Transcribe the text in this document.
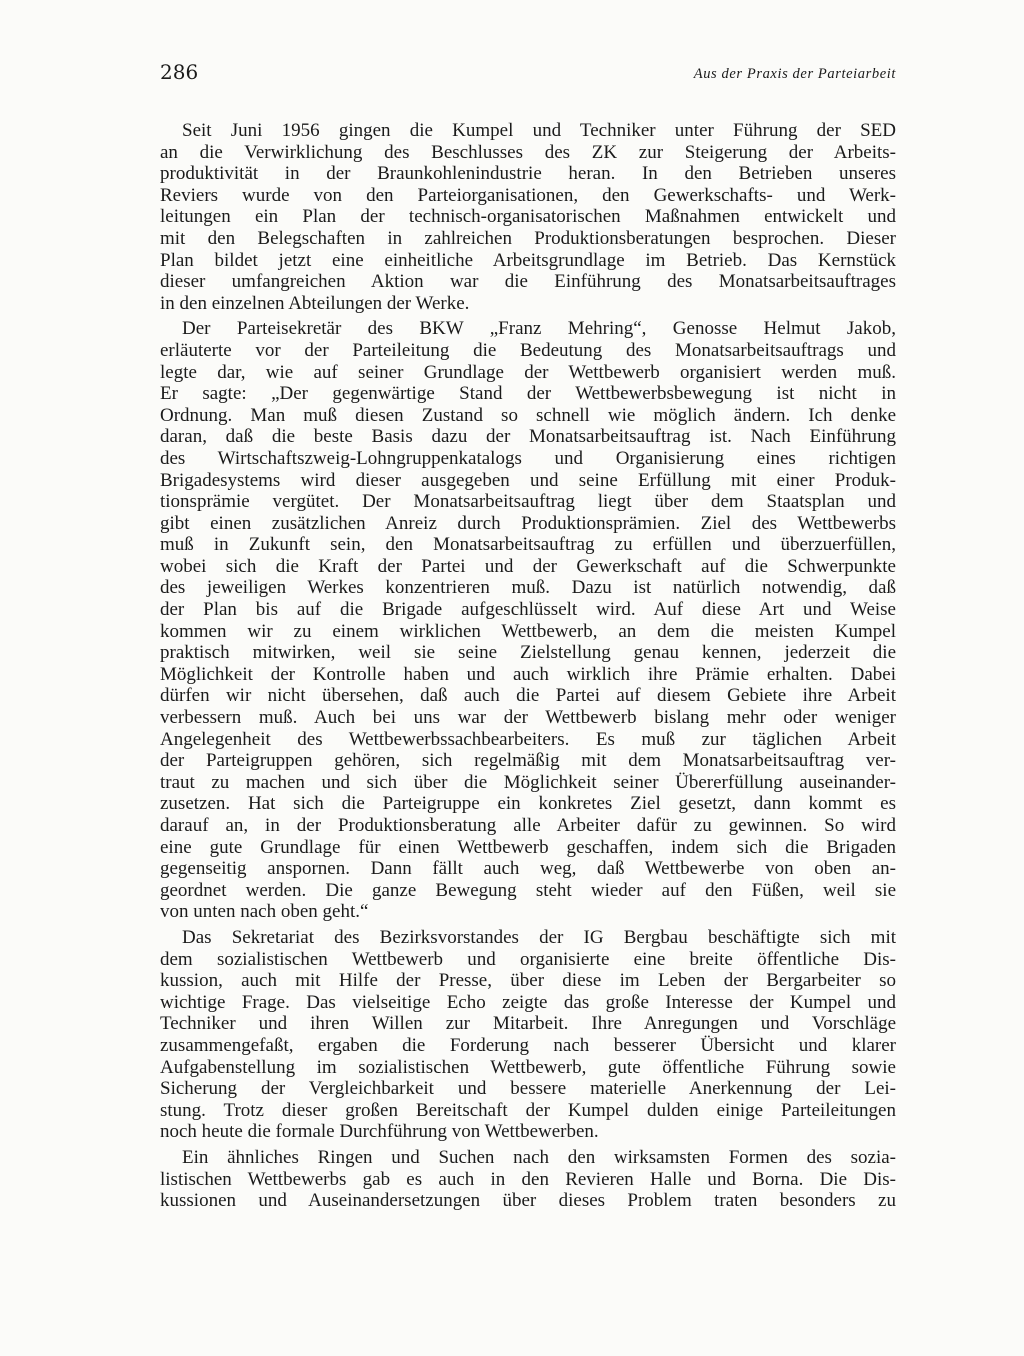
286	Aus der Praxis der Parteiarbeit

Seit Juni 1956 gingen die Kumpel und Techniker unter Führung der SED
an die Verwirklichung des Beschlusses des ZK zur Steigerung der Arbeits-
produktivität in der Braunkohlenindustrie heran. In den Betrieben unseres
Reviers wurde von den Parteiorganisationen, den Gewerkschafts- und Werk-
leitungen ein Plan der technisch-organisatorischen Maßnahmen entwickelt und
mit den Belegschaften in zahlreichen Produktionsberatungen besprochen. Dieser
Plan bildet jetzt eine einheitliche Arbeitsgrundlage im Betrieb. Das Kernstück
dieser umfangreichen Aktion war die Einführung des Monatsarbeitsauftrages
in den einzelnen Abteilungen der Werke.

Der Parteisekretär des BKW „Franz Mehring“, Genosse Helmut Jakob,
erläuterte vor der Parteileitung die Bedeutung des Monatsarbeitsauftrags und
legte dar, wie auf seiner Grundlage der Wettbewerb organisiert werden muß.
Er sagte: „Der gegenwärtige Stand der Wettbewerbsbewegung ist nicht in
Ordnung. Man muß diesen Zustand so schnell wie möglich ändern. Ich denke
daran, daß die beste Basis dazu der Monatsarbeitsauftrag ist. Nach Einführung
des Wirtschaftszweig-Lohngruppenkatalogs und Organisierung eines richtigen
Brigadesystems wird dieser ausgegeben und seine Erfüllung mit einer Produk-
tionsprämie vergütet. Der Monatsarbeitsauftrag liegt über dem Staatsplan und
gibt einen zusätzlichen Anreiz durch Produktionsprämien. Ziel des Wettbewerbs
muß in Zukunft sein, den Monatsarbeitsauftrag zu erfüllen und überzuerfüllen,
wobei sich die Kraft der Partei und der Gewerkschaft auf die Schwerpunkte
des jeweiligen Werkes konzentrieren muß. Dazu ist natürlich notwendig, daß
der Plan bis auf die Brigade aufgeschlüsselt wird. Auf diese Art und Weise
kommen wir zu einem wirklichen Wettbewerb, an dem die meisten Kumpel
praktisch mitwirken, weil sie seine Zielstellung genau kennen, jederzeit die
Möglichkeit der Kontrolle haben und auch wirklich ihre Prämie erhalten. Dabei
dürfen wir nicht übersehen, daß auch die Partei auf diesem Gebiete ihre Arbeit
verbessern muß. Auch bei uns war der Wettbewerb bislang mehr oder weniger
Angelegenheit des Wettbewerbssachbearbeiters. Es muß zur täglichen Arbeit
der Parteigruppen gehören, sich regelmäßig mit dem Monatsarbeitsauftrag ver-
traut zu machen und sich über die Möglichkeit seiner Übererfüllung auseinander-
zusetzen. Hat sich die Parteigruppe ein konkretes Ziel gesetzt, dann kommt es
darauf an, in der Produktionsberatung alle Arbeiter dafür zu gewinnen. So wird
eine gute Grundlage für einen Wettbewerb geschaffen, indem sich die Brigaden
gegenseitig anspornen. Dann fällt auch weg, daß Wettbewerbe von oben an-
geordnet werden. Die ganze Bewegung steht wieder auf den Füßen, weil sie
von unten nach oben geht.“

Das Sekretariat des Bezirksvorstandes der IG Bergbau beschäftigte sich mit
dem sozialistischen Wettbewerb und organisierte eine breite öffentliche Dis-
kussion, auch mit Hilfe der Presse, über diese im Leben der Bergarbeiter so
wichtige Frage. Das vielseitige Echo zeigte das große Interesse der Kumpel und
Techniker und ihren Willen zur Mitarbeit. Ihre Anregungen und Vorschläge
zusammengefaßt, ergaben die Forderung nach besserer Übersicht und klarer
Aufgabenstellung im sozialistischen Wettbewerb, gute öffentliche Führung sowie
Sicherung der Vergleichbarkeit und bessere materielle Anerkennung der Lei-
stung. Trotz dieser großen Bereitschaft der Kumpel dulden einige Parteileitungen
noch heute die formale Durchführung von Wettbewerben.

Ein ähnliches Ringen und Suchen nach den wirksamsten Formen des sozia-
listischen Wettbewerbs gab es auch in den Revieren Halle und Borna. Die Dis-
kussionen und Auseinandersetzungen über dieses Problem traten besonders zu
